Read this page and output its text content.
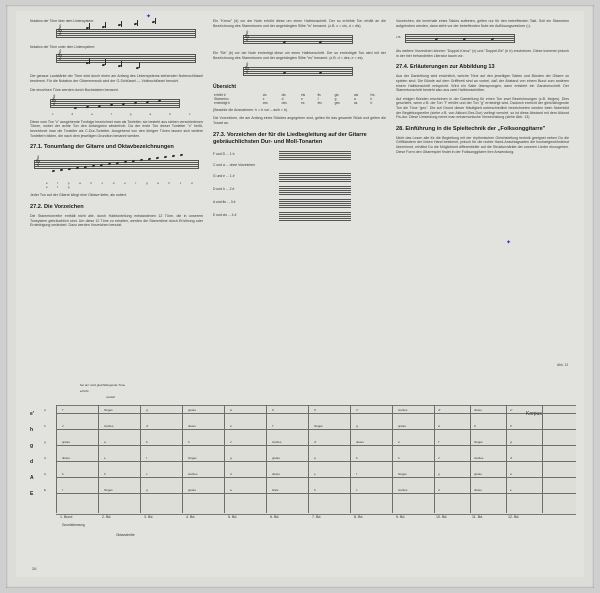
Notation der Töne über dem Liniensystem:
𝄞
Notation der Töne unter dem Liniensystem:
𝄞

Die genaue Lautstärke der Töne wird durch einen am Anfang des Liniensystems stehenden Notenschlüssel bestimmt. Für die Notation der Gitarrenmusik wird der G-Schlüssel — Violinschlüssel benutzt.

Die einzelnen Töne werden durch Buchstaben benannt.

𝄞
c d e f g a h c

Diese vom Ton "c" ausgehende Tonfolge bezeichnet man als Tonleiter; sie besteht aus sieben verschiedenen Tönen, wobei der achte Ton den Anfangston wiederholt. Da der erste Ton dieser Tonleiter "c" heißt, bezeichnet man die Tonleiter als C-Dur-Tonleiter. Ausgehend von den übrigen Tönen lassen sich weitere Tonleitern bilden, die nach dem jeweiligen Grundton benannt werden.

27.1. Tonumfang der Gitarre und Oktavbezeichnungen
𝄞
e f g a h c d e f g a h c d e f g

Jeder Ton auf der Gitarre klingt eine Oktave tiefer, als notiert.

27.2. Die Vorzeichen

Die Stammtonreihe enthält nicht alle, durch Halbtonteilung entstandenen 12 Töne, die in unserem Tonsystem gebräuchlich sind. Um diese 12 Töne zu erhalten, werden die Stammtöne durch Erhöhung oder Erniedrigung verändert. Dazu werden Vorzeichen benutzt.

Ein "Kreuz" (#) vor der Note erhöht diese um einen Halbtonschritt. Der so erhöhte Ton erhält an die Bezeichnung des Stammtones und der angehängten Silbe "is" benannt. (z.B. c = cis, d = dis)

𝄞

Ein "Be" (b) vor der Note erniedrigt diese um einen Halbtonschritt. Der so erniedrigte Ton wird mit der Bezeichnung des Stammtones und der angehängten Silbe "es" benannt. (z.B. d = des, e = es)

𝄞
Übersicht
erhöht #	cis	dis	eis	fis	gis	ais	his
Stammton	c	d	e	f	g	a	h
erniedrigt b	ces	des	es	fes	ges	as	b

(Beachte die Ausnahmen: h = b vor – as/h = b)

Die Vorzeichen, die am Anfang eines Stückes angegeben sind, gelten für das gesamte Stück und gelten die Tonart an.

27.3. Vorzeichen der für die Liedbegleitung auf der Gitarre gebräuchlichsten Dur- und Moll-Tonarten
F und D ... 1 b
C und a ... ohne Vorzeichen
G und e ... 1 #
D und h ... 2 #
A und fis ... 3 #
E und cis ... 4 #

Vorzeichen, die innerhalb eines Taktes auftreten, gelten nur für den betreffenden Takt. Soll ein Stammton aufgehoben werden, dann steht vor der betreffenden Note ein Auflösungszeichen (♮).

z.B.

Als weitere Vorzeichen können "Doppel-Kreuz" (x) und "Doppel-Be" (b b) erscheinen. Diese kommen jedoch in der hier behandelten Literatur kaum vor.

27.4. Erläuterungen zur Abbildung 13

Aus der Darstellung wird ersichtlich, welche Töne auf den jeweiligen Saiten und Bünden der Gitarre zu spielen sind. Die Bünde auf dem Griffbrett sind an vorbei, daß der Abstand von einem Bund zum anderen einem Halbtonschritt entspricht. Wird ein Saite übersprungen, dann entsteht ein Ganztonschritt. Der Stammtonschritt besteht also aus zwei Halbtonschritten.

Auf einigen Bünden erscheinen in der Darstellung für einen Ton zwei Bezeichnungen (z.B. fis/ges). Dies geschieht, wenn z.B. der Ton "f" erhöht und der Ton "g" erniedrigt wird. Dadurch erreicht der gleichklingende Ton die Töne "ges". Die auf Grund dieser Häufigkeit unterschiedlich bezeichneten werden beim Notenbild der Begleitungsreihe (siehe z.B. von Akkord-Ges-Dur) vorliegt verwirrt, so ist diese Abstand mit dem Akkord Fis-dur. Diese Umsetzung nennt man enharmonische Verwechslung (siehe Abb. 13)

28. Einführung in die Spieltechnik der „Folksonggitarre"

Nicht das Lesen alle für die Begleitung mit der rhythmischen Gleichstellung technik geeignet neben Du die Griffbändern der linken Hand bestimmt, jedoch für die rechte Hand-Anschlagsarten die hochartgewöhnlichst übernimmt, erhältst Du die Möglichkeit differentieller auf die Strukturmärkte der unseren Lieder einzugehen. Diese Form den Gitarrespiel findet in der Folksonggitarre ihre Anwendung.

✦
✦
Abb. 13
bei am' wird gleichklingende Töne
erhöht
vertieft
e'
h
g
d
A
E
Korpus
f	fis/ges	g	gis/as	a	b/ais	h	c	cis/des	d	dis/es	e
E
b	h	c	cis/des	d	dis/es	e	f	fis/ges	g	gis/as	a
A
dis/es	e	f	fis/ges	g	gis/as	a	b	h	c'	cis/des	d'
d
gis/as	a	b	h	c'	cis/des	d'	dis/es	e'	f'	fis/ges	g'
g
c'	cis/des	d'	dis/es	e'	f'	fis/ges	g'	gis/as	a'	b'	h'
h
f'	fis/ges	g'	gis/as	a'	b'	h'	c''	cis/des	d''	dis/es	e''
e'
1. Bund	2. Bd.	3. Bd.	4. Bd.	5. Bd.	6. Bd.	7. Bd.	8. Bd.	9. Bd.	10. Bd.	11. Bd.	12. Bd.
Grundstimmung
Oktavschritte
26
